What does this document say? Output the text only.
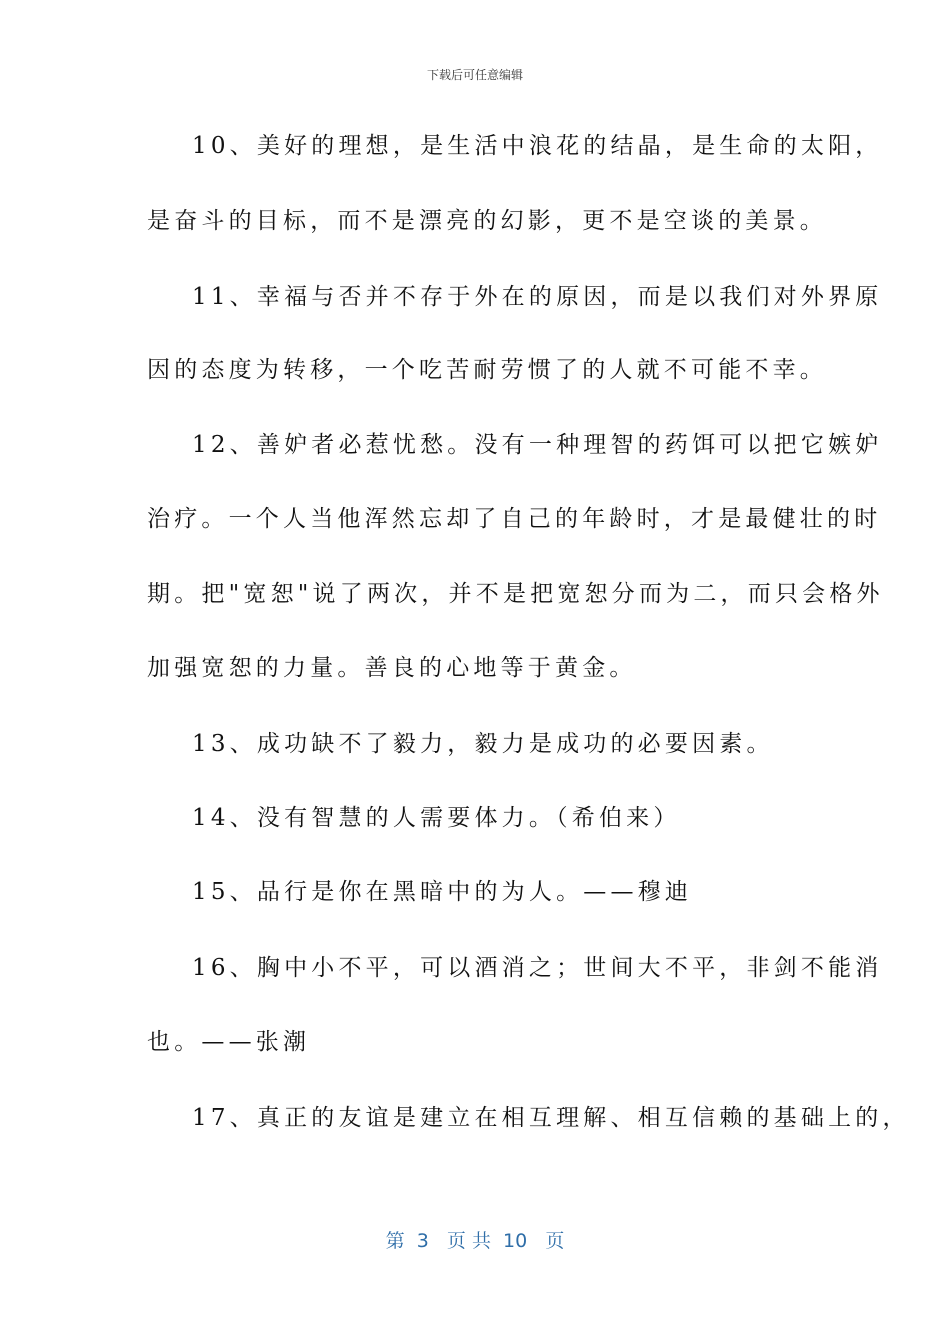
下载后可任意编辑
10、美好的理想，是生活中浪花的结晶，是生命的太阳，
是奋斗的目标，而不是漂亮的幻影，更不是空谈的美景。
11、幸福与否并不存于外在的原因，而是以我们对外界原
因的态度为转移，一个吃苦耐劳惯了的人就不可能不幸。
12、善妒者必惹忧愁。没有一种理智的药饵可以把它嫉妒
治疗。一个人当他浑然忘却了自己的年龄时，才是最健壮的时
期。把"宽恕"说了两次，并不是把宽恕分而为二，而只会格外
加强宽恕的力量。善良的心地等于黄金。
13、成功缺不了毅力，毅力是成功的必要因素。
14、没有智慧的人需要体力。（希伯来）
15、品行是你在黑暗中的为人。——穆迪
16、胸中小不平，可以酒消之；世间大不平，非剑不能消
也。——张潮
17、真正的友谊是建立在相互理解、相互信赖的基础上的，
第  3   页 共  10   页
